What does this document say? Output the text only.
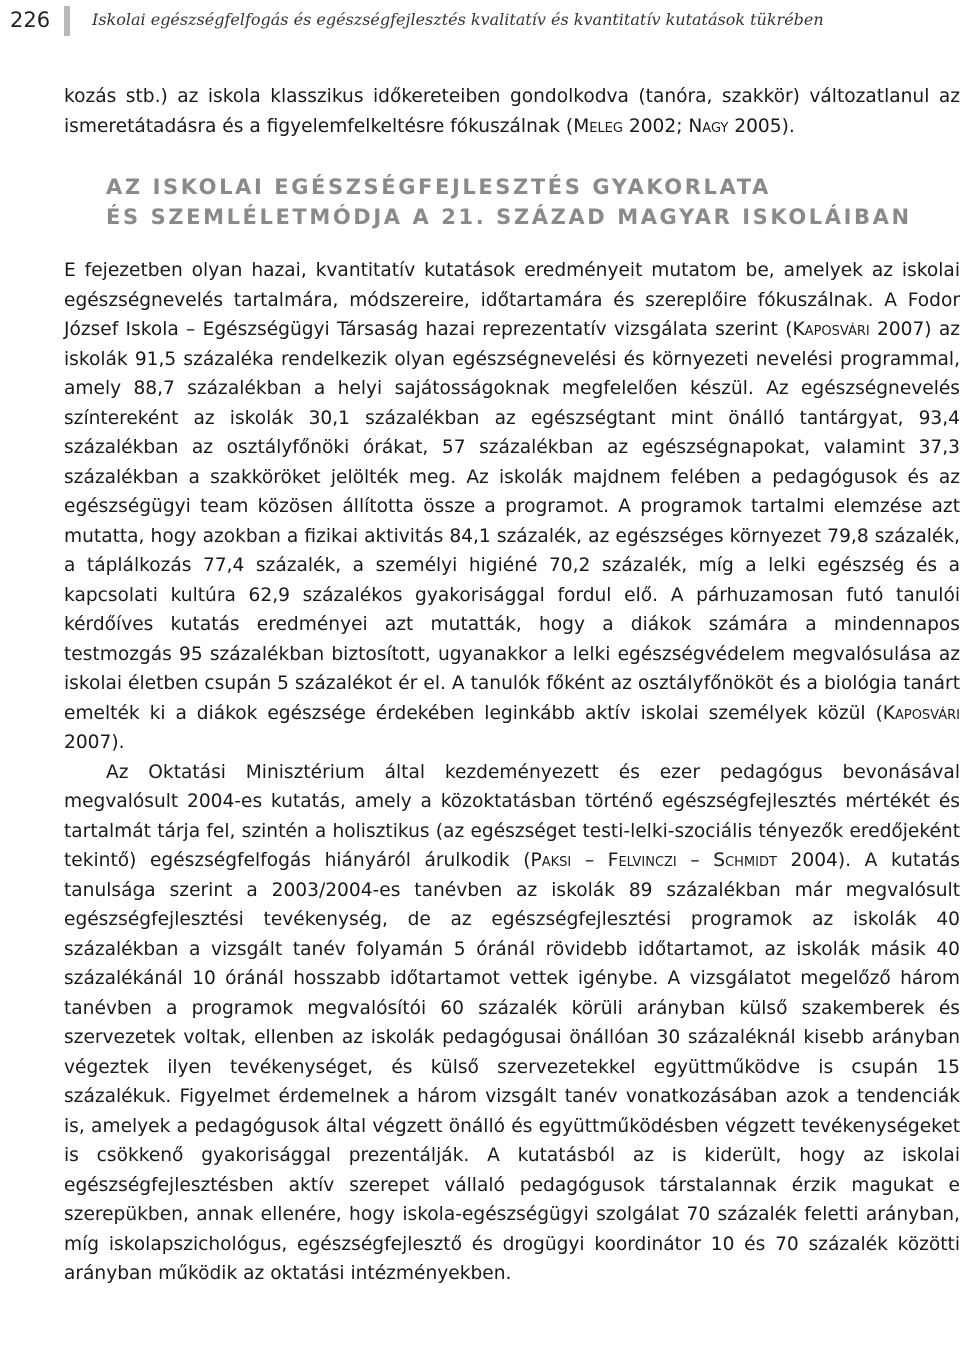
226	Iskolai egészségfelfogás és egészségfejlesztés kvalitatív és kvantitatív kutatások tükrében

kozás stb.) az iskola klasszikus időkereteiben gondolkodva (tanóra, szakkör) változatlanul az ismeretátadásra és a figyelemfelkeltésre fókuszálnak (Meleg 2002; Nagy 2005).

AZ ISKOLAI EGÉSZSÉGFEJLESZTÉS GYAKORLATA
ÉS SZEMLÉLETMÓDJA A 21. SZÁZAD MAGYAR ISKOLÁIBAN

E fejezetben olyan hazai, kvantitatív kutatások eredményeit mutatom be, amelyek az iskolai egészségnevelés tartalmára, módszereire, időtartamára és szereplőire fókuszálnak. A Fodor József Iskola – Egészségügyi Társaság hazai reprezentatív vizsgálata szerint (Kaposvári 2007) az iskolák 91,5 százaléka rendelkezik olyan egészségnevelési és környezeti nevelési programmal, amely 88,7 százalékban a helyi sajátosságoknak megfelelően készül. Az egészségnevelés színtereként az iskolák 30,1 százalékban az egészségtant mint önálló tantárgyat, 93,4 százalékban az osztályfőnöki órákat, 57 százalékban az egészségnapokat, valamint 37,3 százalékban a szakköröket jelölték meg. Az iskolák majdnem felében a pedagógusok és az egészségügyi team közösen állította össze a programot. A programok tartalmi elemzése azt mutatta, hogy azokban a fizikai aktivitás 84,1 százalék, az egészséges környezet 79,8 százalék, a táplálkozás 77,4 százalék, a személyi higiéné 70,2 százalék, míg a lelki egészség és a kapcsolati kultúra 62,9 százalékos gyakorisággal fordul elő. A párhuzamosan futó tanulói kérdőíves kutatás eredményei azt mutatták, hogy a diákok számára a mindennapos testmozgás 95 százalékban biztosított, ugyanakkor a lelki egészségvédelem megvalósulása az iskolai életben csupán 5 százalékot ér el. A tanulók főként az osztályfőnököt és a biológia tanárt emelték ki a diákok egészsége érdekében leginkább aktív iskolai személyek közül (Kaposvári 2007).

Az Oktatási Minisztérium által kezdeményezett és ezer pedagógus bevonásával megvalósult 2004-es kutatás, amely a közoktatásban történő egészségfejlesztés mértékét és tartalmát tárja fel, szintén a holisztikus (az egészséget testi-lelki-szociális tényezők eredőjeként tekintő) egészségfelfogás hiányáról árulkodik (Paksi – Felvinczi – Schmidt 2004). A kutatás tanulsága szerint a 2003/2004-es tanévben az iskolák 89 százalékban már megvalósult egészségfejlesztési tevékenység, de az egészségfejlesztési programok az iskolák 40 százalékban a vizsgált tanév folyamán 5 óránál rövidebb időtartamot, az iskolák másik 40 százalékánál 10 óránál hosszabb időtartamot vettek igénybe. A vizsgálatot megelőző három tanévben a programok megvalósítói 60 százalék körüli arányban külső szakemberek és szervezetek voltak, ellenben az iskolák pedagógusai önállóan 30 százaléknál kisebb arányban végeztek ilyen tevékenységet, és külső szervezetekkel együttműködve is csupán 15 százalékuk. Figyelmet érdemelnek a három vizsgált tanév vonatkozásában azok a tendenciák is, amelyek a pedagógusok által végzett önálló és együttműködésben végzett tevékenységeket is csökkenő gyakorisággal prezentálják. A kutatásból az is kiderült, hogy az iskolai egészségfejlesztésben aktív szerepet vállaló pedagógusok társtalannak érzik magukat e szerepükben, annak ellenére, hogy iskola-egészségügyi szolgálat 70 százalék feletti arányban, míg iskolapszichológus, egészségfejlesztő és drogügyi koordinátor 10 és 70 százalék közötti arányban működik az oktatási intézményekben.
